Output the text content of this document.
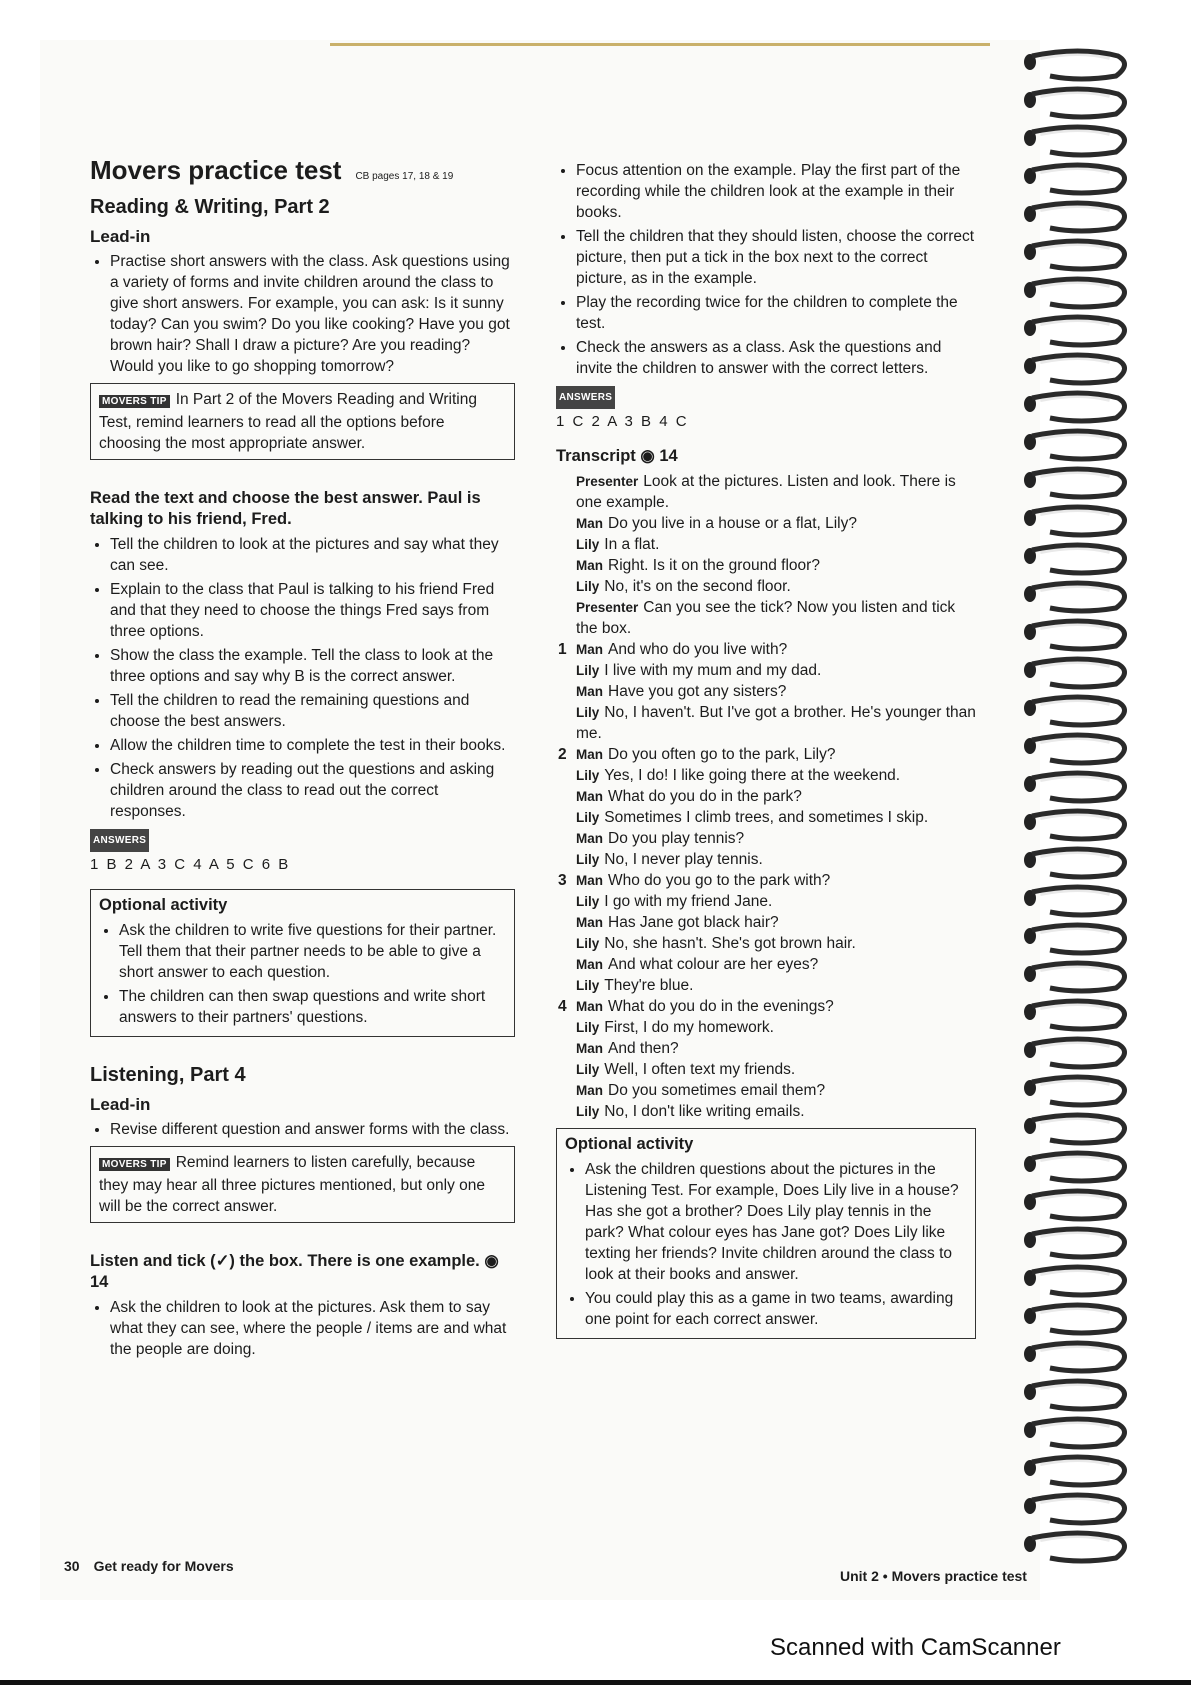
Movers practice test CB pages 17, 18 & 19
Reading & Writing, Part 2
Lead-in
• Practise short answers with the class. Ask questions using a variety of forms and invite children around the class to give short answers. For example, you can ask: Is it sunny today? Can you swim? Do you like cooking? Have you got brown hair? Shall I draw a picture? Are you reading? Would you like to go shopping tomorrow?
MOVERS TIP In Part 2 of the Movers Reading and Writing Test, remind learners to read all the options before choosing the most appropriate answer.
Read the text and choose the best answer. Paul is talking to his friend, Fred.
• Tell the children to look at the pictures and say what they can see.
• Explain to the class that Paul is talking to his friend Fred and that they need to choose the things Fred says from three options.
• Show the class the example. Tell the class to look at the three options and say why B is the correct answer.
• Tell the children to read the remaining questions and choose the best answers.
• Allow the children time to complete the test in their books.
• Check answers by reading out the questions and asking children around the class to read out the correct responses.
ANSWERS
1 B 2 A 3 C 4 A 5 C 6 B
Optional activity
• Ask the children to write five questions for their partner. Tell them that their partner needs to be able to give a short answer to each question.
• The children can then swap questions and write short answers to their partners' questions.
Listening, Part 4
Lead-in
• Revise different question and answer forms with the class.
MOVERS TIP Remind learners to listen carefully, because they may hear all three pictures mentioned, but only one will be the correct answer.
Listen and tick (✓) the box. There is one example. ◉ 14
• Ask the children to look at the pictures. Ask them to say what they can see, where the people / items are and what the people are doing.
• Focus attention on the example. Play the first part of the recording while the children look at the example in their books.
• Tell the children that they should listen, choose the correct picture, then put a tick in the box next to the correct picture, as in the example.
• Play the recording twice for the children to complete the test.
• Check the answers as a class. Ask the questions and invite the children to answer with the correct letters.
ANSWERS
1 C 2 A 3 B 4 C
Transcript ◉ 14

Presenter Look at the pictures. Listen and look. There is one example.

Man Do you live in a house or a flat, Lily?

Lily In a flat.

Man Right. Is it on the ground floor?

Lily No, it's on the second floor.

Presenter Can you see the tick? Now you listen and tick the box.

1 Man And who do you live with?

Lily I live with my mum and my dad.

Man Have you got any sisters?

Lily No, I haven't. But I've got a brother. He's younger than me.

2 Man Do you often go to the park, Lily?

Lily Yes, I do! I like going there at the weekend.

Man What do you do in the park?

Lily Sometimes I climb trees, and sometimes I skip.

Man Do you play tennis?

Lily No, I never play tennis.

3 Man Who do you go to the park with?

Lily I go with my friend Jane.

Man Has Jane got black hair?

Lily No, she hasn't. She's got brown hair.

Man And what colour are her eyes?

Lily They're blue.

4 Man What do you do in the evenings?

Lily First, I do my homework.

Man And then?

Lily Well, I often text my friends.

Man Do you sometimes email them?

Lily No, I don't like writing emails.

Optional activity
• Ask the children questions about the pictures in the Listening Test. For example, Does Lily live in a house? Has she got a brother? Does Lily play tennis in the park? What colour eyes has Jane got? Does Lily like texting her friends? Invite children around the class to look at their books and answer.
• You could play this as a game in two teams, awarding one point for each correct answer.
30 Get ready for Movers
Unit 2 • Movers practice test
Scanned with CamScanner
